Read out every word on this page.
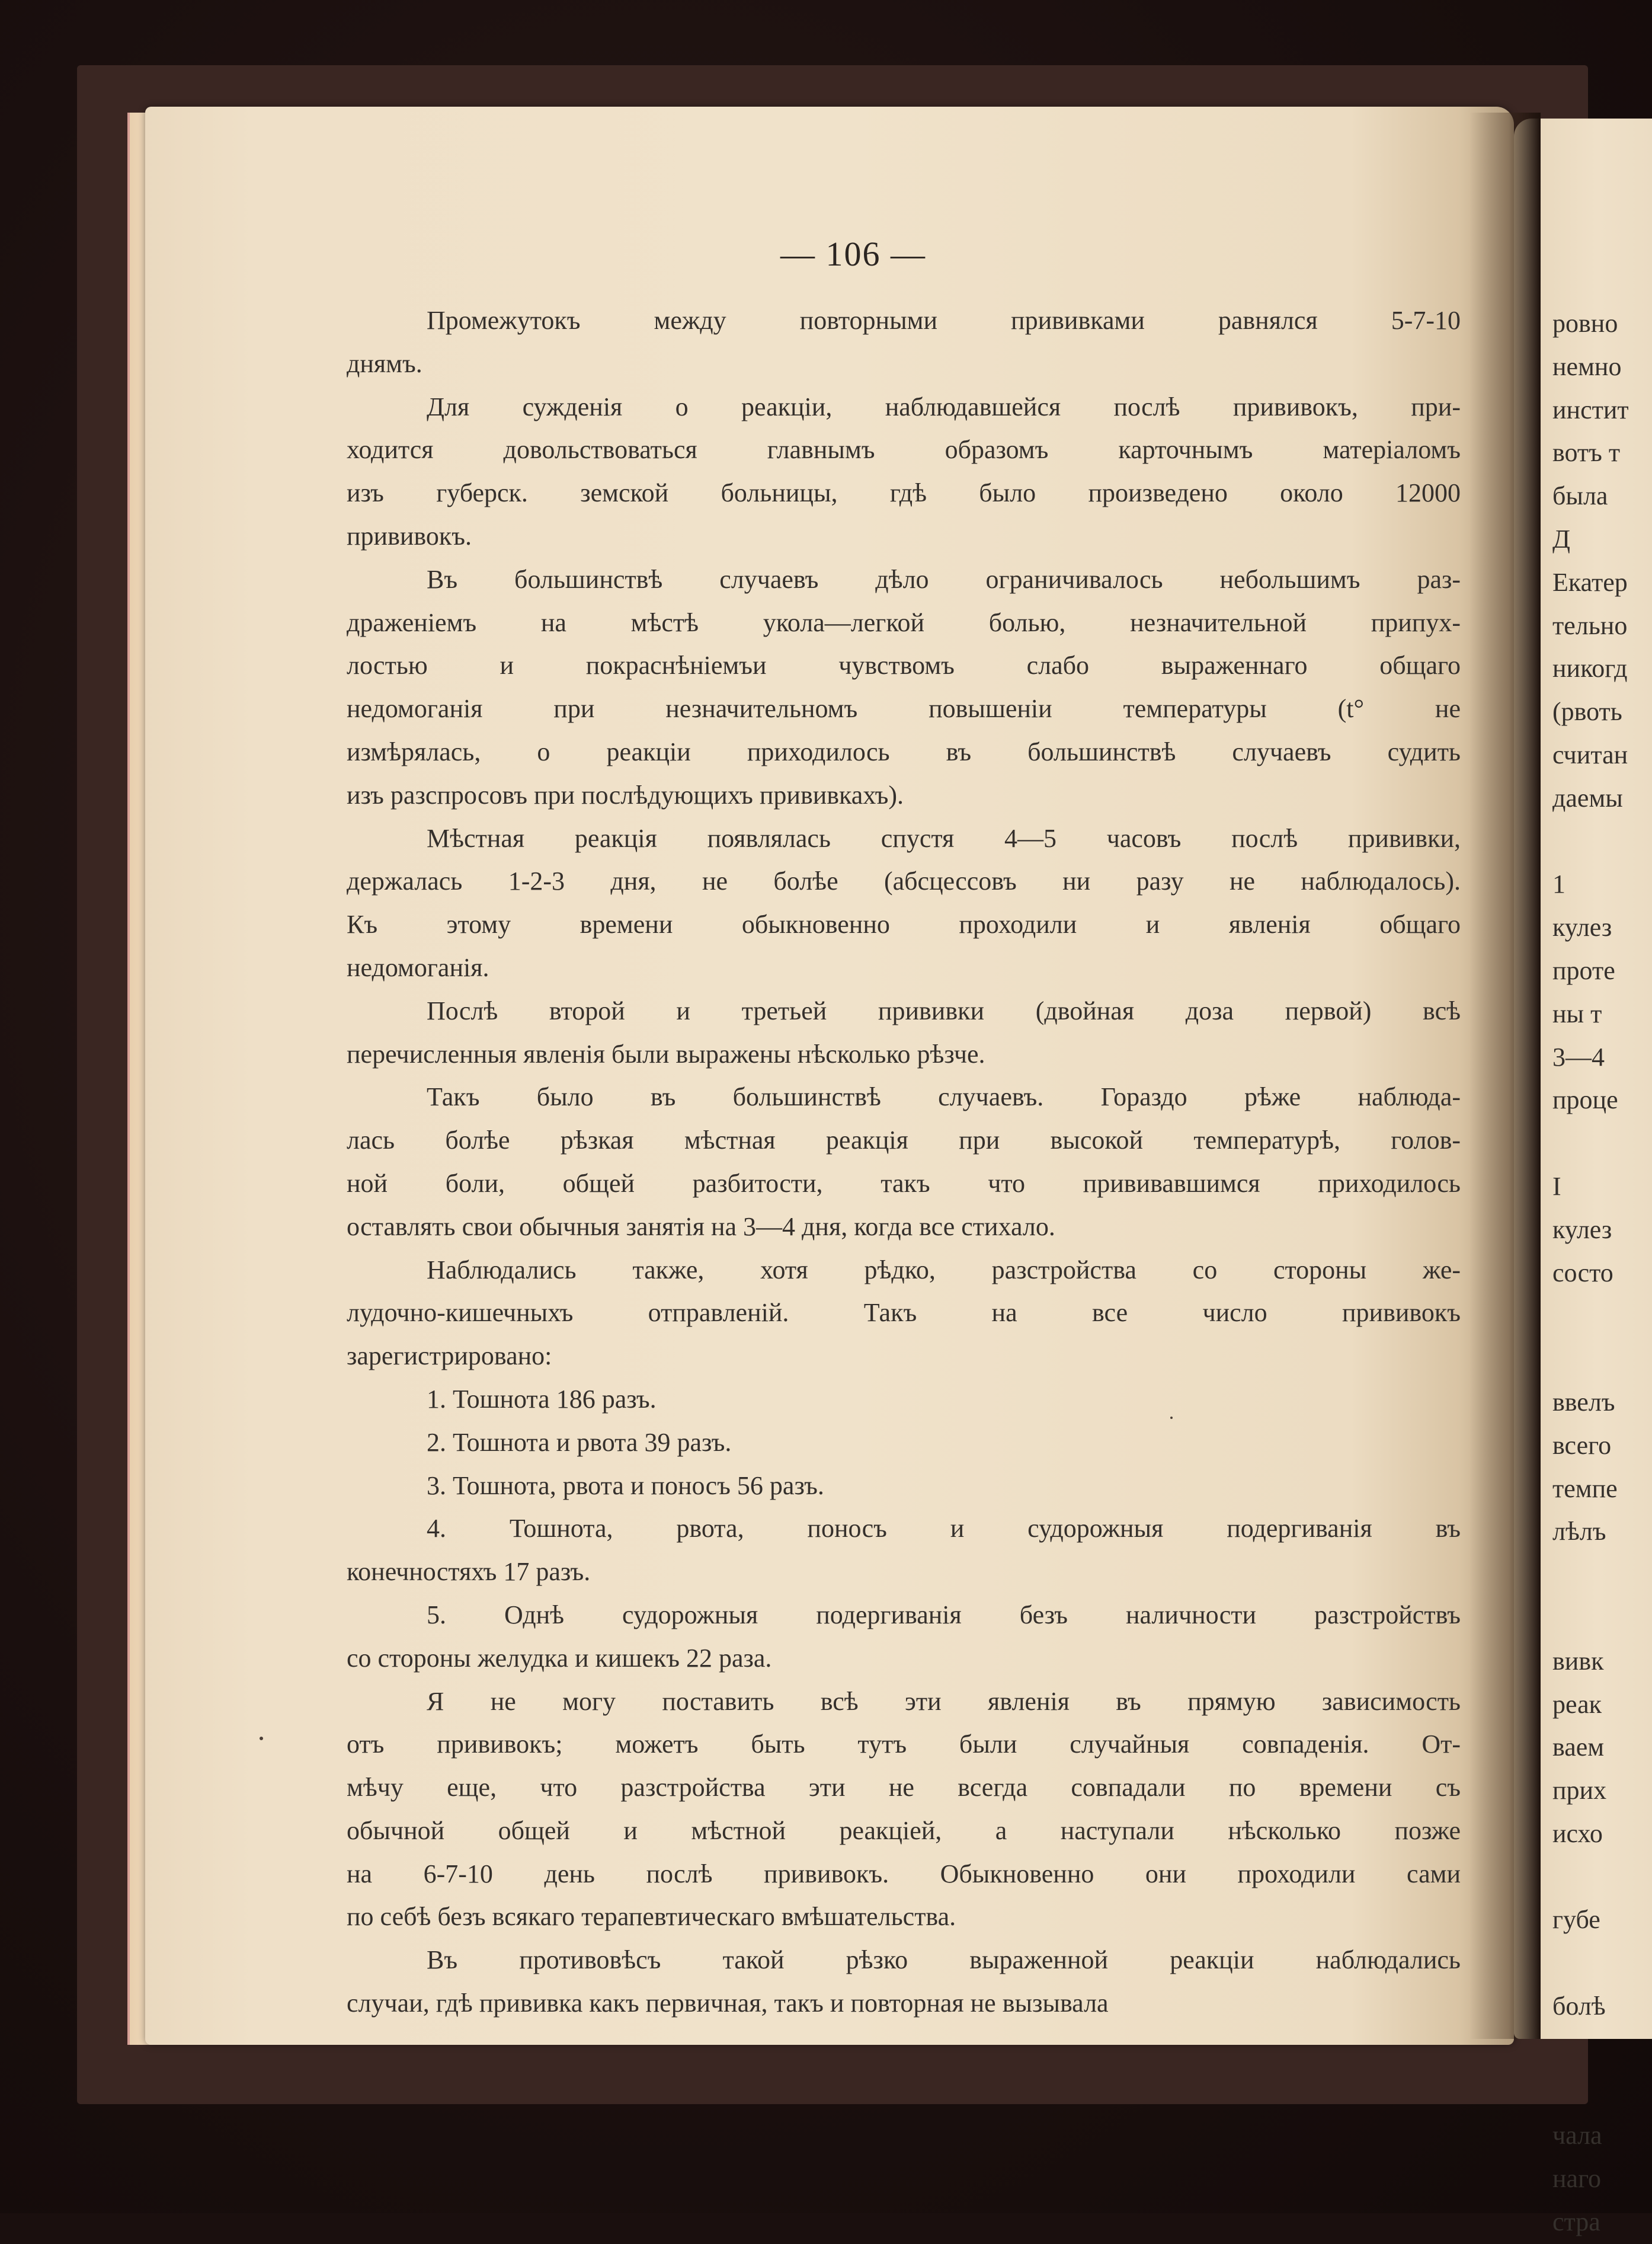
— 106 —
Промежутокъ между повторными прививками равнялся 5-7-10
днямъ.
Для сужденія о реакціи, наблюдавшейся послѣ прививокъ, при-
ходится довольствоваться главнымъ образомъ карточнымъ матеріаломъ
изъ губерск. земской больницы, гдѣ было произведено около 12000
прививокъ.
Въ большинствѣ случаевъ дѣло ограничивалось небольшимъ раз-
драженіемъ на мѣстѣ укола—легкой болью, незначительной припух-
лостью и покраснѣніемъи чувствомъ слабо выраженнаго общаго
недомоганія при незначительномъ повышеніи температуры (t° не
измѣрялась, о реакціи приходилось въ большинствѣ случаевъ судить
изъ разспросовъ при послѣдующихъ прививкахъ).
Мѣстная реакція появлялась спустя 4—5 часовъ послѣ прививки,
держалась 1-2-3 дня, не болѣе (абсцессовъ ни разу не наблюдалось).
Къ этому времени обыкновенно проходили и явленія общаго
недомоганія.
Послѣ второй и третьей прививки (двойная доза первой) всѣ
перечисленныя явленія были выражены нѣсколько рѣзче.
Такъ было въ большинствѣ случаевъ. Гораздо рѣже наблюда-
лась болѣе рѣзкая мѣстная реакція при высокой температурѣ, голов-
ной боли, общей разбитости, такъ что прививавшимся приходилось
оставлять свои обычныя занятія на 3—4 дня, когда все стихало.
Наблюдались также, хотя рѣдко, разстройства со стороны же-
лудочно-кишечныхъ отправленій. Такъ на все число прививокъ
зарегистрировано:
1. Тошнота 186 разъ.
2. Тошнота и рвота 39 разъ.
3. Тошнота, рвота и поносъ 56 разъ.
4. Тошнота, рвота, поносъ и судорожныя подергиванія въ
конечностяхъ 17 разъ.
5. Однѣ судорожныя подергиванія безъ наличности разстройствъ
со стороны желудка и кишекъ 22 раза.
Я не могу поставить всѣ эти явленія въ прямую зависимость
отъ прививокъ; можетъ быть тутъ были случайныя совпаденія. От-
мѣчу еще, что разстройства эти не всегда совпадали по времени съ
обычной общей и мѣстной реакціей, а наступали нѣсколько позже
на 6-7-10 день послѣ прививокъ. Обыкновенно они проходили сами
по себѣ безъ всякаго терапевтическаго вмѣшательства.
Въ противовѣсъ такой рѣзко выраженной реакціи наблюдались
случаи, гдѣ прививка какъ первичная, такъ и повторная не вызывала
ровно
немно
инстит
вотъ т
была
Д
Екатер
тельно
никогд
(рвоть
считан
даемы
1
кулез
проте
ны т
3—4
проце
I
кулез
состо
ввелъ
всего
темпе
лѣлъ
вивк
реак
ваем
прих
исхо
губе
болѣ
чала
наго
стра
